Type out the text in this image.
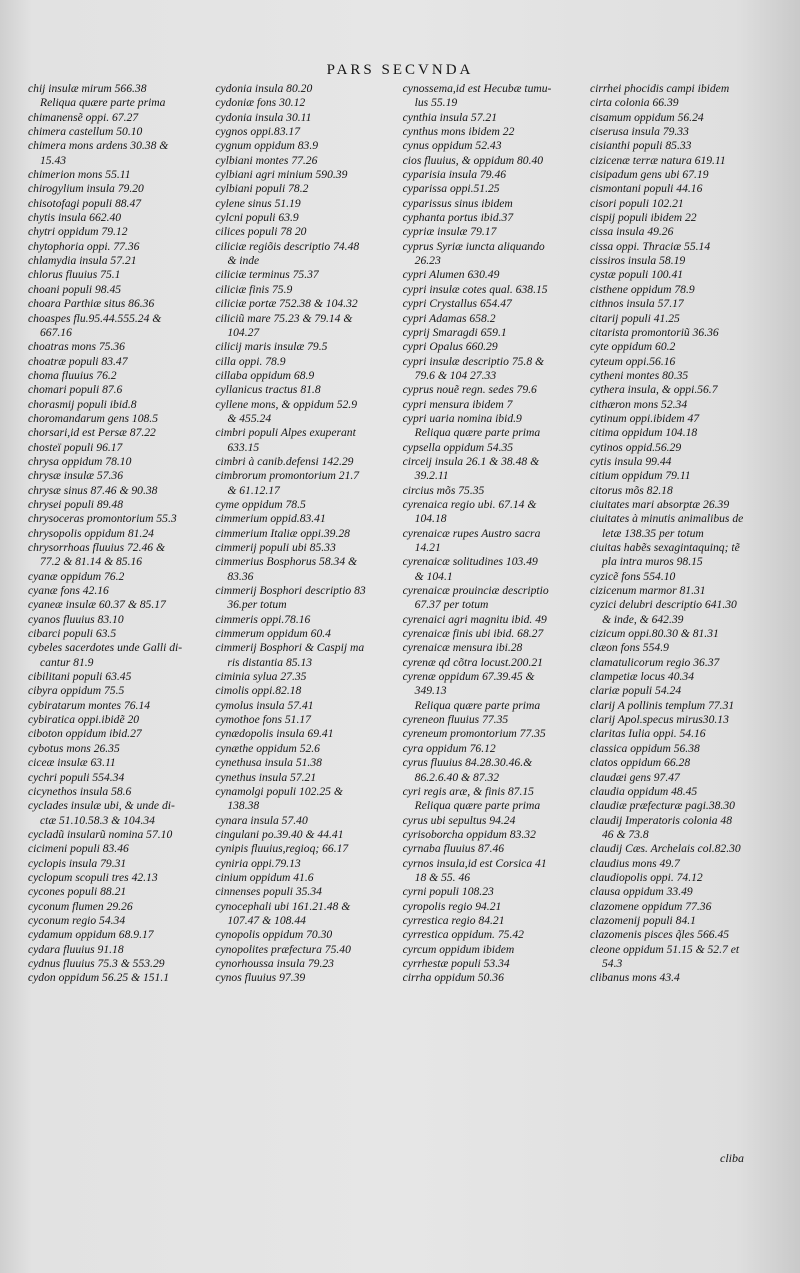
PARS SECVNDA
chij insulæ mirum 566.38
Reliqua quære parte prima
chimanensẽ oppi. 67.27
chimera castellum 50.10
chimera mons ardens 30.38 &
15.43
chimerion mons 55.11
chirogylium insula 79.20
chisotofagi populi 88.47
chytis insula 662.40
chytri oppidum 79.12
chytophoria oppi. 77.36
chlamydia insula 57.21
chlorus fluuius 75.1
choani populi 98.45
choara Parthiæ situs 86.36
choaspes flu.95.44.555.24 &
667.16
choatras mons 75.36
choatræ populi 83.47
choma fluuius 76.2
chomari populi 87.6
chorasmij populi ibid.8
choromandarum gens 108.5
chorsari,id est Persæ 87.22
chosteï populi 96.17
chrysa oppidum 78.10
chrysæ insulæ 57.36
chrysæ sinus 87.46 & 90.38
chrysei populi 89.48
chrysoceras promontorium 55.3
chrysopolis oppidum 81.24
chrysorrhoas fluuius 72.46 &
77.2 & 81.14 & 85.16
cyanæ oppidum 76.2
cyanæ fons 42.16
cyaneæ insulæ 60.37 & 85.17
cyanos fluuius 83.10
cibarci populi 63.5
cybeles sacerdotes unde Galli di-
cantur 81.9
cibilitani populi 63.45
cibyra oppidum 75.5
cybiratarum montes 76.14
cybiratica oppi.ibidẽ 20
ciboton oppidum ibid.27
cybotus mons 26.35
ciceæ insulæ 63.11
cychri populi 554.34
cicynethos insula 58.6
cyclades insulæ ubi, & unde di-
ctæ 51.10.58.3 & 104.34
cycladũ insularũ nomina 57.10
cicimeni populi 83.46
cyclopis insula 79.31
cyclopum scopuli tres 42.13
cycones populi 88.21
cyconum flumen 29.26
cyconum regio 54.34
cydamum oppidum 68.9.17
cydara fluuius 91.18
cydnus fluuius 75.3 & 553.29
cydon oppidum 56.25 & 151.1
cydonia insula 80.20
cydoniæ fons 30.12
cydonia insula 30.11
cygnos oppi.83.17
cygnum oppidum 83.9
cylbiani montes 77.26
cylbiani agri minium 590.39
cylbiani populi 78.2
cylene sinus 51.19
cylcni populi 63.9
cilices populi 78 20
ciliciæ regiõis descriptio 74.48
& inde
ciliciæ terminus 75.37
ciliciæ finis 75.9
ciliciæ portæ 752.38 & 104.32
ciliciũ mare 75.23 & 79.14 &
104.27
cilicij maris insulæ 79.5
cilla oppi. 78.9
cillaba oppidum 68.9
cyllanicus tractus 81.8
cyllene mons, & oppidum 52.9
& 455.24
cimbri populi Alpes exuperant
633.15
cimbri à canib.defensi 142.29
cimbrorum promontorium 21.7
& 61.12.17
cyme oppidum 78.5
cimmerium oppid.83.41
cimmerium Italiæ oppi.39.28
cimmerij populi ubi 85.33
cimmerius Bosphorus 58.34 &
83.36
cimmerij Bosphori descriptio 83
36.per totum
cimmeris oppi.78.16
cimmerum oppidum 60.4
cimmerij Bosphori & Caspij ma
ris distantia 85.13
ciminia sylua 27.35
cimolis oppi.82.18
cymolus insula 57.41
cymothoe fons 51.17
cynædopolis insula 69.41
cynæthe oppidum 52.6
cynethusa insula 51.38
cynethus insula 57.21
cynamolgi populi 102.25 &
138.38
cynara insula 57.40
cingulani po.39.40 & 44.41
cynipis fluuius,regioq; 66.17
cyniria oppi.79.13
cinium oppidum 41.6
cinnenses populi 35.34
cynocephali ubi 161.21.48 &
107.47 & 108.44
cynopolis oppidum 70.30
cynopolites præfectura 75.40
cynorhoussa insula 79.23
cynos fluuius 97.39
cynossema,id est Hecubæ tumu-
lus 55.19
cynthia insula 57.21
cynthus mons ibidem 22
cynus oppidum 52.43
cios fluuius, & oppidum 80.40
cyparisia insula 79.46
cyparissa oppi.51.25
cyparissus sinus ibidem
cyphanta portus ibid.37
cypriæ insulæ 79.17
cyprus Syriæ iuncta aliquando
26.23
cypri Alumen 630.49
cypri insulæ cotes qual. 638.15
cypri Crystallus 654.47
cypri Adamas 658.2
cyprij Smaragdi 659.1
cypri Opalus 660.29
cypri insulæ descriptio 75.8 &
79.6 & 104 27.33
cyprus nouẽ regn. sedes 79.6
cypri mensura ibidem 7
cypri uaria nomina ibid.9
Reliqua quære parte prima
cypsella oppidum 54.35
circeij insula 26.1 & 38.48 &
39.2.11
circius mõs 75.35
cyrenaica regio ubi. 67.14 &
104.18
cyrenaicæ rupes Austro sacra
14.21
cyrenaicæ solitudines 103.49
& 104.1
cyrenaicæ prouinciæ descriptio
67.37 per totum
cyrenaici agri magnitu ibid. 49
cyrenaicæ finis ubi ibid. 68.27
cyrenaicæ mensura ibi.28
cyrenæ qd cõtra locust.200.21
cyrenæ oppidum 67.39.45 &
349.13
Reliqua quære parte prima
cyreneon fluuius 77.35
cyreneum promontorium 77.35
cyra oppidum 76.12
cyrus fluuius 84.28.30.46.&
86.2.6.40 & 87.32
cyri regis aræ, & finis 87.15
Reliqua quære parte prima
cyrus ubi sepultus 94.24
cyrisoborcha oppidum 83.32
cyrnaba fluuius 87.46
cyrnos insula,id est Corsica 41
18 & 55. 46
cyrni populi 108.23
cyropolis regio 94.21
cyrrestica regio 84.21
cyrrestica oppidum. 75.42
cyrcum oppidum ibidem
cyrrhestæ populi 53.34
cirrha oppidum 50.36
cirrhei phocidis campi ibidem
cirta colonia 66.39
cisamum oppidum 56.24
ciserusa insula 79.33
cisianthi populi 85.33
cizicenæ terræ natura 619.11
cisipadum gens ubi 67.19
cismontani populi 44.16
cisori populi 102.21
cispij populi ibidem 22
cissa insula 49.26
cissa oppi. Thraciæ 55.14
cissiros insula 58.19
cystæ populi 100.41
cisthene oppidum 78.9
cithnos insula 57.17
citarij populi 41.25
citarista promontoriũ 36.36
cyte oppidum 60.2
cyteum oppi.56.16
cytheni montes 80.35
cythera insula, & oppi.56.7
cithæron mons 52.34
cytinum oppi.ibidem 47
citima oppidum 104.18
cytinos oppid.56.29
cytis insula 99.44
citium oppidum 79.11
citorus mõs 82.18
ciuitates mari absorptæ 26.39
ciuitates à minutis animalibus de
letæ 138.35 per totum
ciuitas habẽs sexagintaquinq; tẽ
pla intra muros 98.15
cyzicẽ fons 554.10
cizicenum marmor 81.31
cyzici delubri descriptio 641.30
& inde, & 642.39
cizicum oppi.80.30 & 81.31
clæon fons 554.9
clamatulicorum regio 36.37
clampetiæ locus 40.34
clariæ populi 54.24
clarij A pollinis templum 77.31
clarij Apol.specus mirus30.13
claritas Iulia oppi. 54.16
classica oppidum 56.38
clatos oppidum 66.28
claudæi gens 97.47
claudia oppidum 48.45
claudiæ præfecturæ pagi.38.30
claudij Imperatoris colonia 48
46 & 73.8
claudij Cæs. Archelais col.82.30
claudius mons 49.7
claudiopolis oppi. 74.12
clausa oppidum 33.49
clazomene oppidum 77.36
clazomenij populi 84.1
clazomenis pisces q̃les 566.45
cleone oppidum 51.15 & 52.7 et
54.3
clibanus mons 43.4
cliba
